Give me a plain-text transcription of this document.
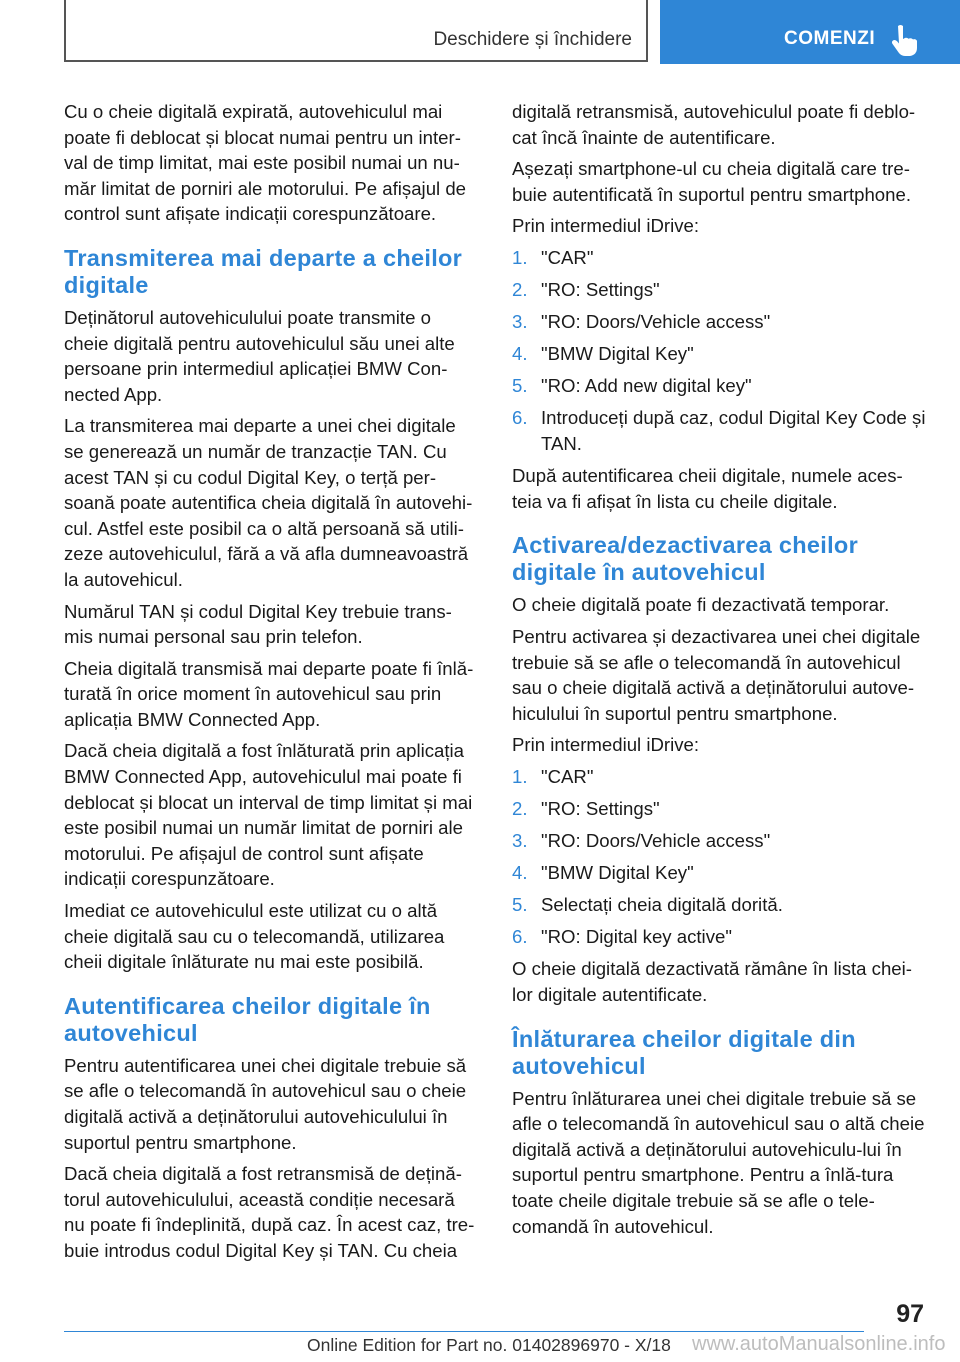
Deschidere și închidere	COMENZI

Cu o cheie digitală expirată, autovehiculul mai poate fi deblocat și blocat numai pentru un inter‐val de timp limitat, mai este posibil numai un nu‐măr limitat de porniri ale motorului. Pe afișajul de control sunt afișate indicații corespunzătoare.

Transmiterea mai departe a cheilor digitale

Deținătorul autovehiculului poate transmite o cheie digitală pentru autovehiculul său unei alte persoane prin intermediul aplicației BMW Con‐nected App.

La transmiterea mai departe a unei chei digitale se generează un număr de tranzacție TAN. Cu acest TAN și cu codul Digital Key, o terță per‐soană poate autentifica cheia digitală în autovehi‐cul. Astfel este posibil ca o altă persoană să utili‐zeze autovehiculul, fără a vă afla dumneavoastră la autovehicul.

Numărul TAN și codul Digital Key trebuie trans‐mis numai personal sau prin telefon.

Cheia digitală transmisă mai departe poate fi înlă‐turată în orice moment în autovehicul sau prin aplicația BMW Connected App.

Dacă cheia digitală a fost înlăturată prin aplicația BMW Connected App, autovehiculul mai poate fi deblocat și blocat un interval de timp limitat și mai este posibil numai un număr limitat de porniri ale motorului. Pe afișajul de control sunt afișate indicații corespunzătoare.

Imediat ce autovehiculul este utilizat cu o altă cheie digitală sau cu o telecomandă, utilizarea cheii digitale înlăturate nu mai este posibilă.

Autentificarea cheilor digitale în autovehicul

Pentru autentificarea unei chei digitale trebuie să se afle o telecomandă în autovehicul sau o cheie digitală activă a deținătorului autovehiculului în suportul pentru smartphone.

Dacă cheia digitală a fost retransmisă de dețină‐torul autovehiculului, această condiție necesară nu poate fi îndeplinită, după caz. În acest caz, tre‐buie introdus codul Digital Key și TAN. Cu cheia

digitală retransmisă, autovehiculul poate fi deblo‐cat încă înainte de autentificare.

Așezați smartphone-ul cu cheia digitală care tre‐buie autentificată în suportul pentru smartphone.

Prin intermediul iDrive:

1. "CAR"
2. "RO: Settings"
3. "RO: Doors/Vehicle access"
4. "BMW Digital Key"
5. "RO: Add new digital key"
6. Introduceți după caz, codul Digital Key Code și TAN.

După autentificarea cheii digitale, numele aces‐teia va fi afișat în lista cu cheile digitale.

Activarea/dezactivarea cheilor digitale în autovehicul

O cheie digitală poate fi dezactivată temporar.

Pentru activarea și dezactivarea unei chei digitale trebuie să se afle o telecomandă în autovehicul sau o cheie digitală activă a deținătorului autove‐hiculului în suportul pentru smartphone.

Prin intermediul iDrive:

1. "CAR"
2. "RO: Settings"
3. "RO: Doors/Vehicle access"
4. "BMW Digital Key"
5. Selectați cheia digitală dorită.
6. "RO: Digital key active"

O cheie digitală dezactivată rămâne în lista chei‐lor digitale autentificate.

Înlăturarea cheilor digitale din autovehicul

Pentru înlăturarea unei chei digitale trebuie să se afle o telecomandă în autovehicul sau o altă cheie digitală activă a deținătorului autovehiculu‐lui în suportul pentru smartphone. Pentru a înlă‐tura toate cheile digitale trebuie să se afle o tele‐comandă în autovehicul.

97
Online Edition for Part no. 01402896970 - X/18 www.autoManualsonline.info
